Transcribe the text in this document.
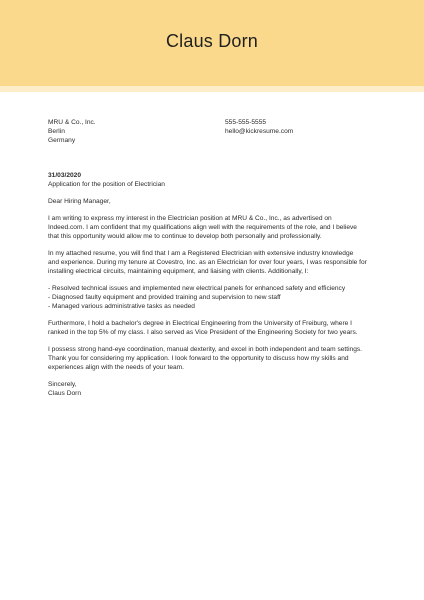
Claus Dorn
MRU & Co., Inc.
Berlin
Germany
555-555-5555
hello@kickresume.com
31/03/2020
Application for the position of Electrician

Dear Hiring Manager,

I am writing to express my interest in the Electrician position at MRU & Co., Inc., as advertised on
Indeed.com. I am confident that my qualifications align well with the requirements of the role, and I believe
that this opportunity would allow me to continue to develop both personally and professionally.

In my attached resume, you will find that I am a Registered Electrician with extensive industry knowledge
and experience. During my tenure at Covestro, Inc. as an Electrician for over four years, I was responsible for
installing electrical circuits, maintaining equipment, and liaising with clients. Additionally, I:

- Resolved technical issues and implemented new electrical panels for enhanced safety and efficiency
- Diagnosed faulty equipment and provided training and supervision to new staff
- Managed various administrative tasks as needed

Furthermore, I hold a bachelor's degree in Electrical Engineering from the University of Freiburg, where I
ranked in the top 5% of my class. I also served as Vice President of the Engineering Society for two years.

I possess strong hand-eye coordination, manual dexterity, and excel in both independent and team settings.
Thank you for considering my application. I look forward to the opportunity to discuss how my skills and
experiences align with the needs of your team.

Sincerely,
Claus Dorn
